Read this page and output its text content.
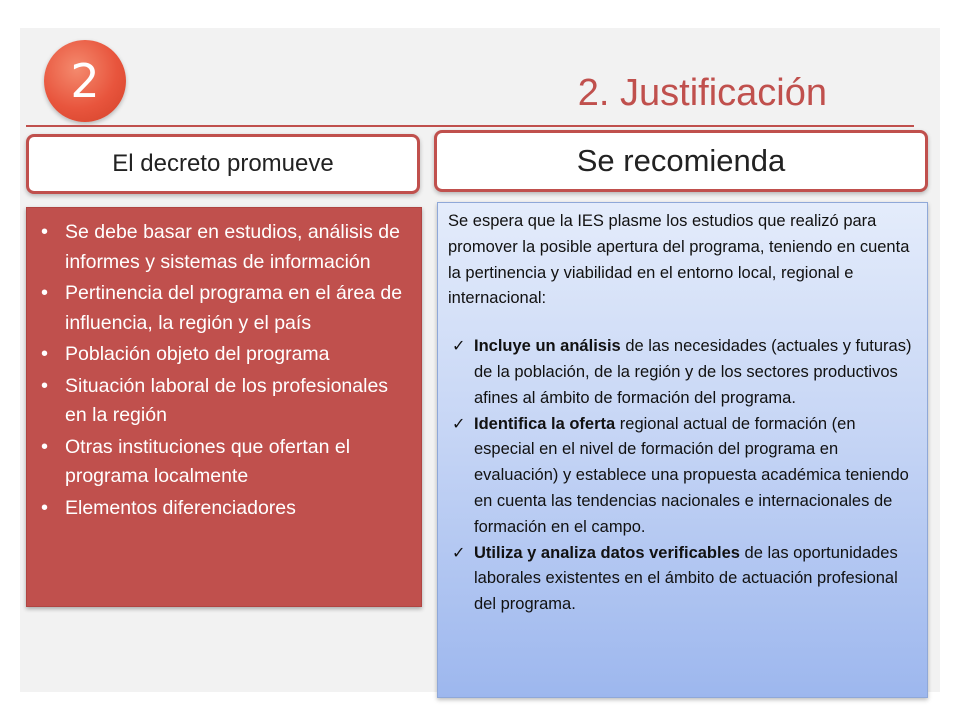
2	2. Justificación
El decreto promueve	Se recomienda
• Se debe basar en estudios, análisis de informes y sistemas de información
• Pertinencia del programa en el área de influencia, la región y el país
• Población objeto del programa
• Situación laboral de los profesionales en la región
• Otras instituciones que ofertan el programa localmente
• Elementos diferenciadores

Se espera que la IES plasme los estudios que realizó para promover la posible apertura del programa, teniendo en cuenta la pertinencia y viabilidad en el entorno local, regional e internacional:

✓ Incluye un análisis de las necesidades (actuales y futuras) de la población, de la región y de los sectores productivos afines al ámbito de formación del programa.
✓ Identifica la oferta regional actual de formación (en especial en el nivel de formación del programa en evaluación) y establece una propuesta académica teniendo en cuenta las tendencias nacionales e internacionales de formación en el campo.
✓ Utiliza y analiza datos verificables de las oportunidades laborales existentes en el ámbito de actuación profesional del programa.
